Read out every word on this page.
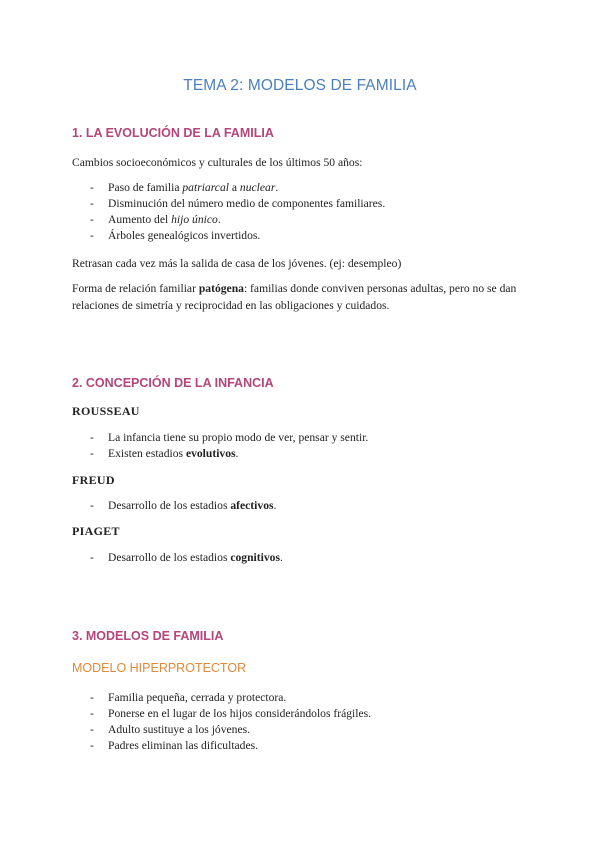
TEMA 2: MODELOS DE FAMILIA
1. LA EVOLUCIÓN DE LA FAMILIA
Cambios socioeconómicos y culturales de los últimos 50 años:
- Paso de familia patriarcal a nuclear.
- Disminución del número medio de componentes familiares.
- Aumento del hijo único.
- Árboles genealógicos invertidos.
Retrasan cada vez más la salida de casa de los jóvenes. (ej: desempleo)
Forma de relación familiar patógena: familias donde conviven personas adultas, pero no se dan relaciones de simetría y reciprocidad en las obligaciones y cuidados.
2. CONCEPCIÓN DE LA INFANCIA
ROUSSEAU
- La infancia tiene su propio modo de ver, pensar y sentir.
- Existen estadios evolutivos.
FREUD
- Desarrollo de los estadios afectivos.
PIAGET
- Desarrollo de los estadios cognitivos.
3. MODELOS DE FAMILIA
MODELO HIPERPROTECTOR
- Familia pequeña, cerrada y protectora.
- Ponerse en el lugar de los hijos considerándolos frágiles.
- Adulto sustituye a los jóvenes.
- Padres eliminan las dificultades.
